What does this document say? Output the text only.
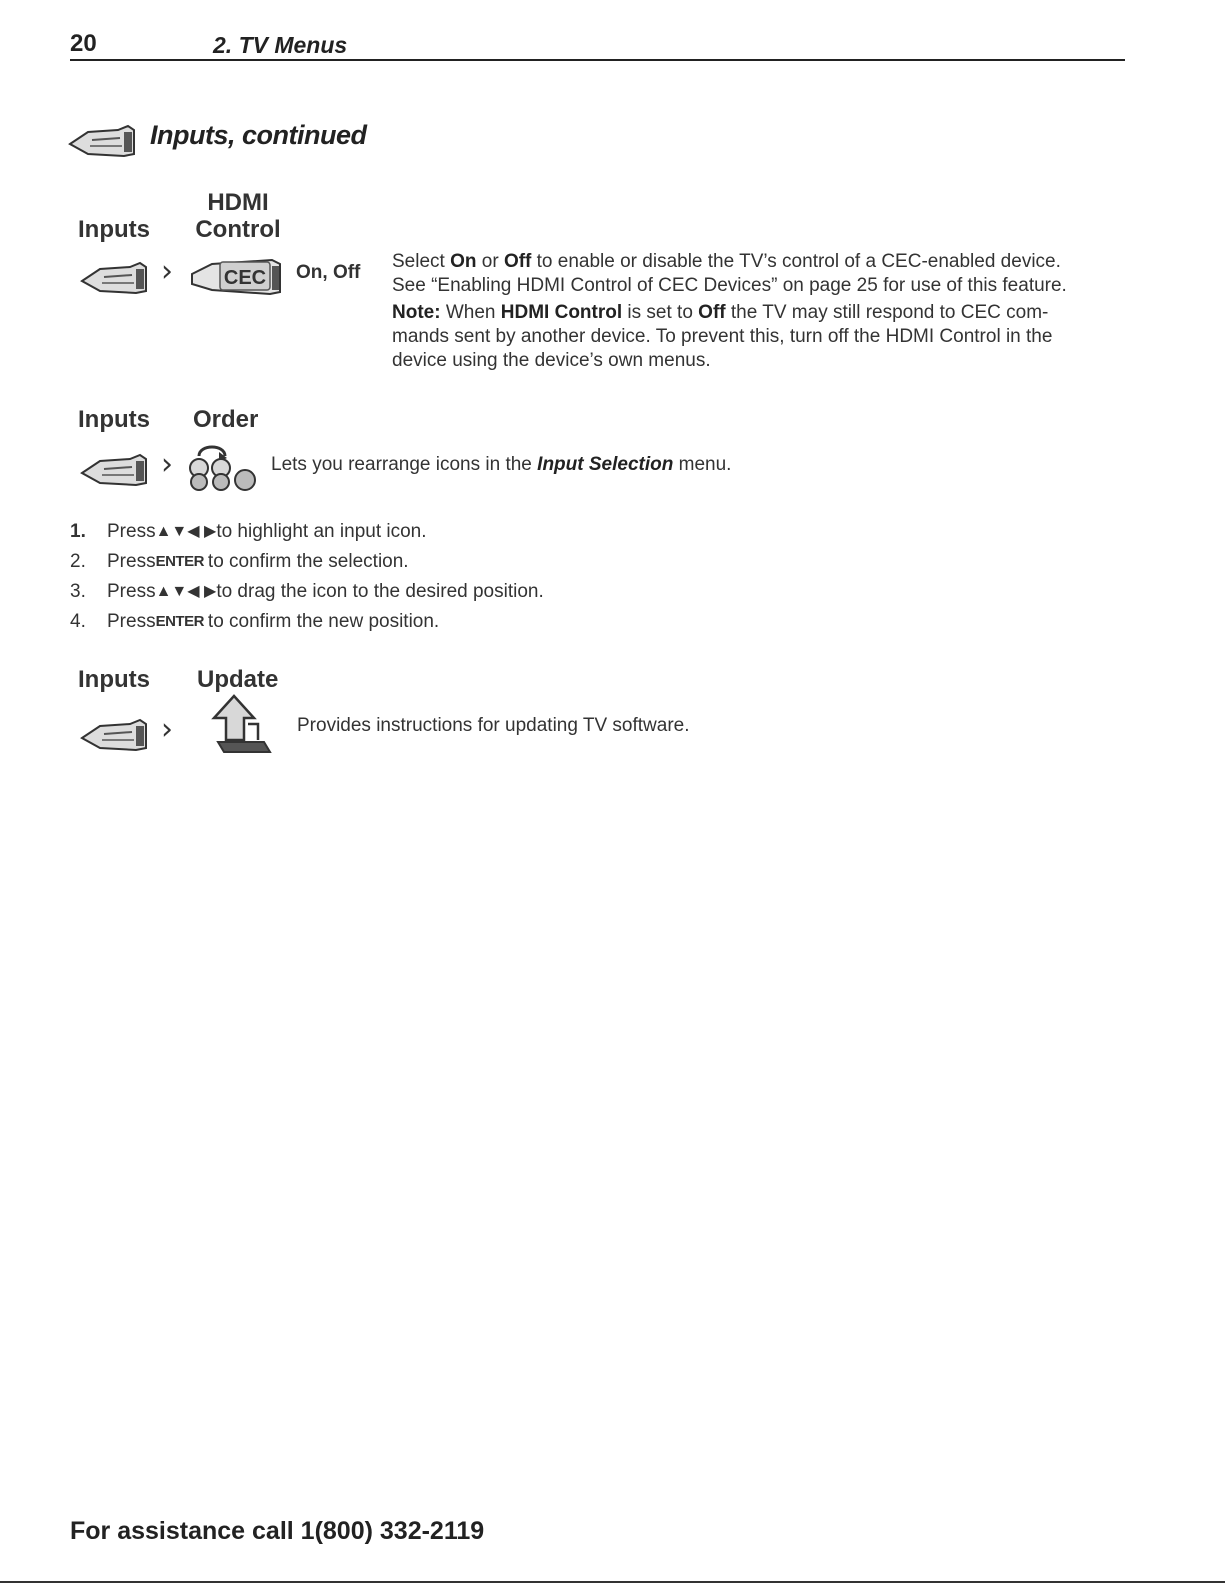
20	2. TV Menus
Inputs, continued
Inputs
HDMI
Control
›	CEC On, Off
Select On or Off to enable or disable the TV’s control of a CEC-enabled device.
See “Enabling HDMI Control of CEC Devices” on page 25 for use of this feature.
Note: When HDMI Control is set to Off the TV may still respond to CEC com-
mands sent by another device. To prevent this, turn off the HDMI Control in the
device using the device’s own menus.
Inputs Order
›	Lets you rearrange icons in the Input Selection menu.
1.	Press ▲▼◀ ▶ to highlight an input icon.
2.	Press ENTER to confirm the selection.
3.	Press ▲▼◀ ▶ to drag the icon to the desired position.
4.	Press ENTER to confirm the new position.
Inputs Update
›	Provides instructions for updating TV software.
For assistance call 1(800) 332-2119
